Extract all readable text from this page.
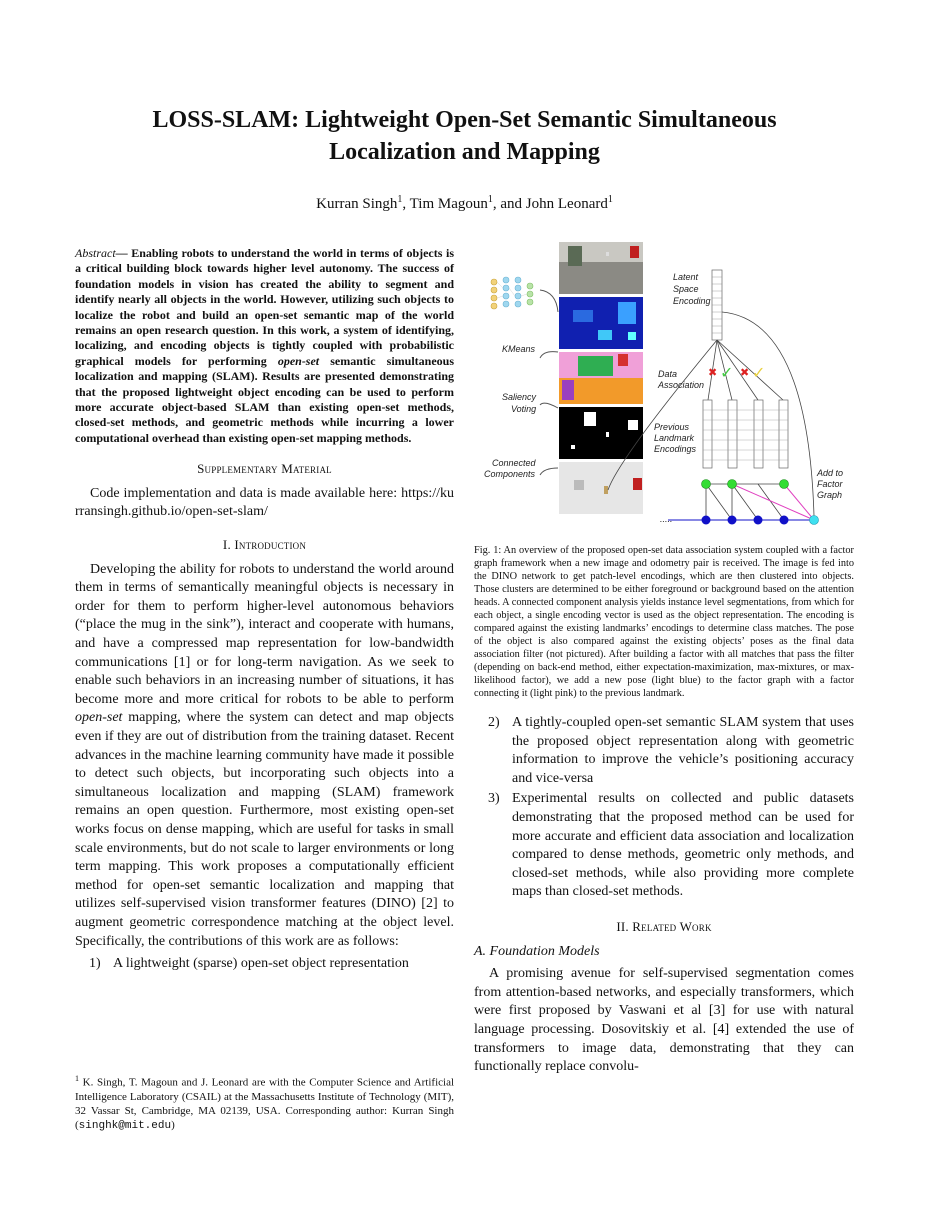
LOSS-SLAM: Lightweight Open-Set Semantic Simultaneous
Localization and Mapping
Kurran Singh$^1$, Tim Magoun$^1$, and John Leonard$^1$

Abstract— Enabling robots to understand the world in terms of objects is a critical building block towards higher level autonomy. The success of foundation models in vision has created the ability to segment and identify nearly all objects in the world. However, utilizing such objects to localize the robot and build an open-set semantic map of the world remains an open research question. In this work, a system of identifying, localizing, and encoding objects is tightly coupled with probabilistic graphical models for performing open-set semantic simultaneous localization and mapping (SLAM). Results are presented demonstrating that the proposed lightweight object encoding can be used to perform more accurate object-based SLAM than existing open-set methods, closed-set methods, and geometric methods while incurring a lower computational overhead than existing open-set mapping methods.

Supplementary Material

Code implementation and data is made available here: https://kurransingh.github.io/open-set-slam/

I. Introduction

Developing the ability for robots to understand the world around them in terms of semantically meaningful objects is necessary in order for them to perform higher-level autonomous behaviors (“place the mug in the sink”), interact and cooperate with humans, and have a compressed map representation for low-bandwidth communications [1] or for long-term navigation. As we seek to enable such behaviors in an increasing number of situations, it has become more and more critical for robots to be able to perform open-set mapping, where the system can detect and map objects even if they are out of distribution from the training dataset. Recent advances in the machine learning community have made it possible to detect such objects, but incorporating such objects into a simultaneous localization and mapping (SLAM) framework remains an open question. Furthermore, most existing open-set works focus on dense mapping, which are useful for tasks in small scale environments, but do not scale to larger environments or long term mapping. This work proposes a computationally efficient method for open-set semantic localization and mapping that utilizes self-supervised vision transformer features (DINO) [2] to augment geometric correspondence matching at the object level. Specifically, the contributions of this work are as follows:

1) A lightweight (sparse) open-set object representation
$^1$ K. Singh, T. Magoun and J. Leonard are with the Computer Science and Artificial Intelligence Laboratory (CSAIL) at the Massachusetts Institute of Technology (MIT), 32 Vassar St, Cambridge, MA 02139, USA. Corresponding author: Kurran Singh (singhk@mit.edu)
KMeans
Saliency
Voting
Connected
Components
Latent
Space
Encoding
✖ ✓ ✖ ✓
Data
Association
Previous
Landmark
Encodings
.....
Add to
Factor
Graph

Fig. 1: An overview of the proposed open-set data association system coupled with a factor graph framework when a new image and odometry pair is received. The image is fed into the DINO network to get patch-level encodings, which are then clustered into objects. Those clusters are determined to be either foreground or background based on the attention heads. A connected component analysis yields instance level segmentations, from which for each object, a single encoding vector is used as the object representation. The encoding is compared against the existing landmarks’ encodings to determine class matches. The pose of the object is also compared against the existing objects’ poses as the final data association filter (not pictured). After building a factor with all matches that pass the filter (depending on back-end method, either expectation-maximization, max-mixtures, or max-likelihood factor), we add a new pose (light blue) to the factor graph with a factor connecting it (light pink) to the previous landmark.

2) A tightly-coupled open-set semantic SLAM system that uses the proposed object representation along with geometric information to improve the vehicle’s positioning accuracy and vice-versa
3) Experimental results on collected and public datasets demonstrating that the proposed method can be used for more accurate and efficient data association and localization compared to dense methods, geometric only methods, and closed-set methods, while also providing more complete maps than closed-set methods.
II. Related Work
A. Foundation Models

A promising avenue for self-supervised segmentation comes from attention-based networks, and especially transformers, which were first proposed by Vaswani et al [3] for use with natural language processing. Dosovitskiy et al. [4] extended the use of transformers to image data, demonstrating that they can functionally replace convolu-
